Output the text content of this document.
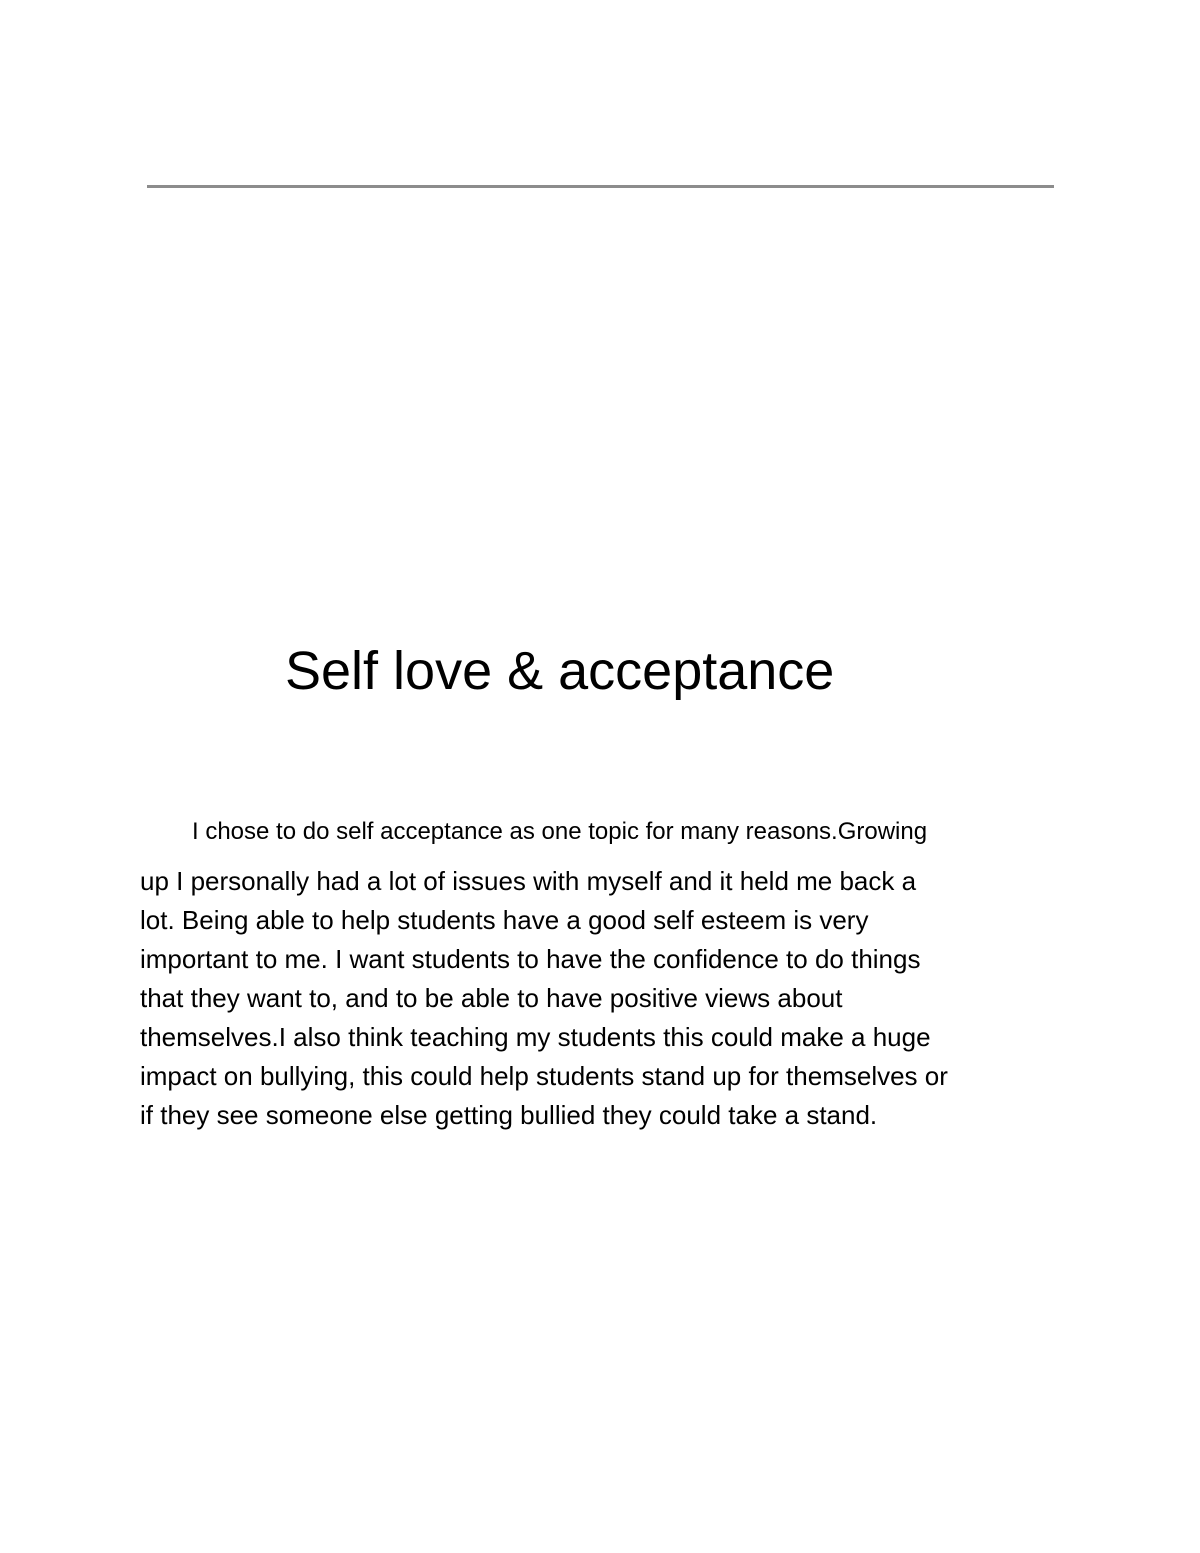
Self love & acceptance

I chose to do self acceptance as one topic for many reasons.Growing

up I personally had a lot of issues with myself and it held me back a
lot. Being able to help students have a good self esteem is very
important to me. I want students to have the confidence to do things
that they want to, and to be able to have positive views about
themselves.I also think teaching my students this could make a huge
impact on bullying, this could help students stand up for themselves or
if they see someone else getting bullied they could take a stand.
